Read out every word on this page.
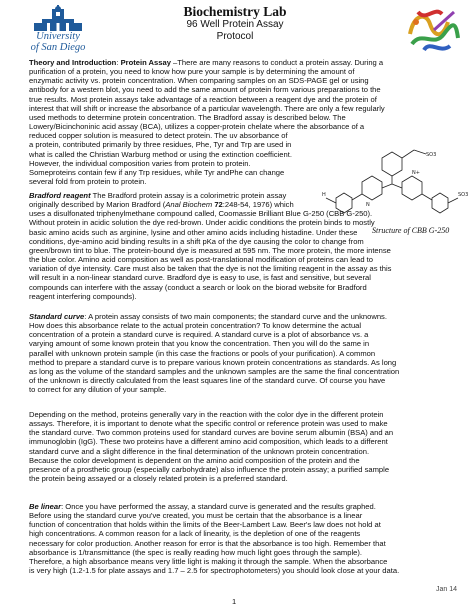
University
of San Diego
Biochemistry Lab
96 Well Protein Assay
Protocol
Theory and Introduction: Protein Assay –There are many reasons to conduct a protein assay. During a
purification of a protein, you need to know how pure your sample is by determining the amount of
enzymatic activity vs. protein concentration. When comparing samples on an SDS-PAGE gel or using
antibody for a western blot, you need to add the same amount of protein form various preparations to the
true results. Most protein assays take advantage of a reaction between a reagent dye and the protein of
interest that will shift or increase the absorbance of a particular wavelength. There are only a few regularly
used methods to determine protein concentration. The Bradford assay is described below. The
Lowery/Bicinchoninic acid assay (BCA), utilizes a copper-protein chelate where the absorbance of a
reduced copper solution is measured to detect protein. The uv absorbance of
a protein, contributed primarily by three residues, Phe, Tyr and Trp are used in
what is called the Christian Warburg method or using the extinction coefficient.
However, the individual composition varies from protein to protein.
Someproteins contain few if any Trp residues, while Tyr andPhe can change
several fold from protein to protein.
SO3
SO3
N+
N
H
Structure of CBB G-250
Bradford reagent The Bradford protein assay is a colorimetric protein assay
originally described by Marion Bradford (Anal Biochem 72:248-54, 1976) which
uses a disulfonated triphenylmethane compound called, Coomassie Brilliant Blue G-250 (CBB G-250).
Without protein in acidic solution the dye red-brown. Under acidic conditions the protein binds to mostly
basic amino acids such as arginine, lysine and other amino acids including histadine. Under these
conditions, dye-amino acid binding results in a shift pKa of the dye causing the color to change from
green/brown tint to blue. The protein-bound dye is measured at 595 nm. The more protein, the more intense
the blue color. Amino acid composition as well as post-translational modification of proteins can lead to
variation of dye intensity. Care must also be taken that the dye is not the limiting reagent in the assay as this
will result in a non-linear standard curve. Bradford dye is easy to use, is fast and sensitive, but several
compounds can interfere with the assay (conduct a search or look on the biorad website for Bradford
reagent interfering compounds).
Standard curve: A protein assay consists of two main components; the standard curve and the unknowns.
How does this absorbance relate to the actual protein concentration? To know determine the actual
concentration of a protein a standard curve is required. A standard curve is a plot of absorbance vs. a
varying amount of some known protein that you know the concentration. Then you will do the same in
parallel with unknown protein sample (in this case the fractions or pools of your purification). A common
method to prepare a standard curve is to prepare various known protein concentrations as standards. As long
as long as the volume of the standard samples and the unknown samples are the same the final concentration
of the unknown is directly calculated from the least squares line of the standard curve. Of course you have
to correct for any dilution of your sample.
Depending on the method, proteins generally vary in the reaction with the color dye in the different protein
assays. Therefore, it is important to denote what the specific control or reference protein was used to make
the standard curve. Two common proteins used for standard curves are bovine serum albumin (BSA) and an
immunoglobin (IgG). These two proteins have a different amino acid composition, which leads to a different
standard curve and a slight difference in the final determination of the unknown protein concentration.
Because the color development is dependent on the amino acid composition of the protein and the
presence of a prosthetic group (especially carbohydrate) also influence the protein assay; a purified sample
the protein being assayed or a closely related protein is a preferred standard.
Be linear: Once you have performed the assay, a standard curve is generated and the results graphed.
Before using the standard curve you've created, you must be certain that the absorbance is a linear
function of concentration that holds within the limits of the Beer-Lambert Law. Beer's law does not hold at
high concentrations. A common reason for a lack of linearity, is the depletion of one of the reagents
necessary for color production. Another reason for error is that the absorbance is too high. Remember that
absorbance is 1/transmittance (the spec is really reading how much light goes through the sample).
Therefore, a high absorbance means very little light is making it through the sample. When the absorbance
is very high (1.2-1.5 for plate assays and 1.7 – 2.5 for spectrophotometers) you should look close at your data.
Jan 14
1
